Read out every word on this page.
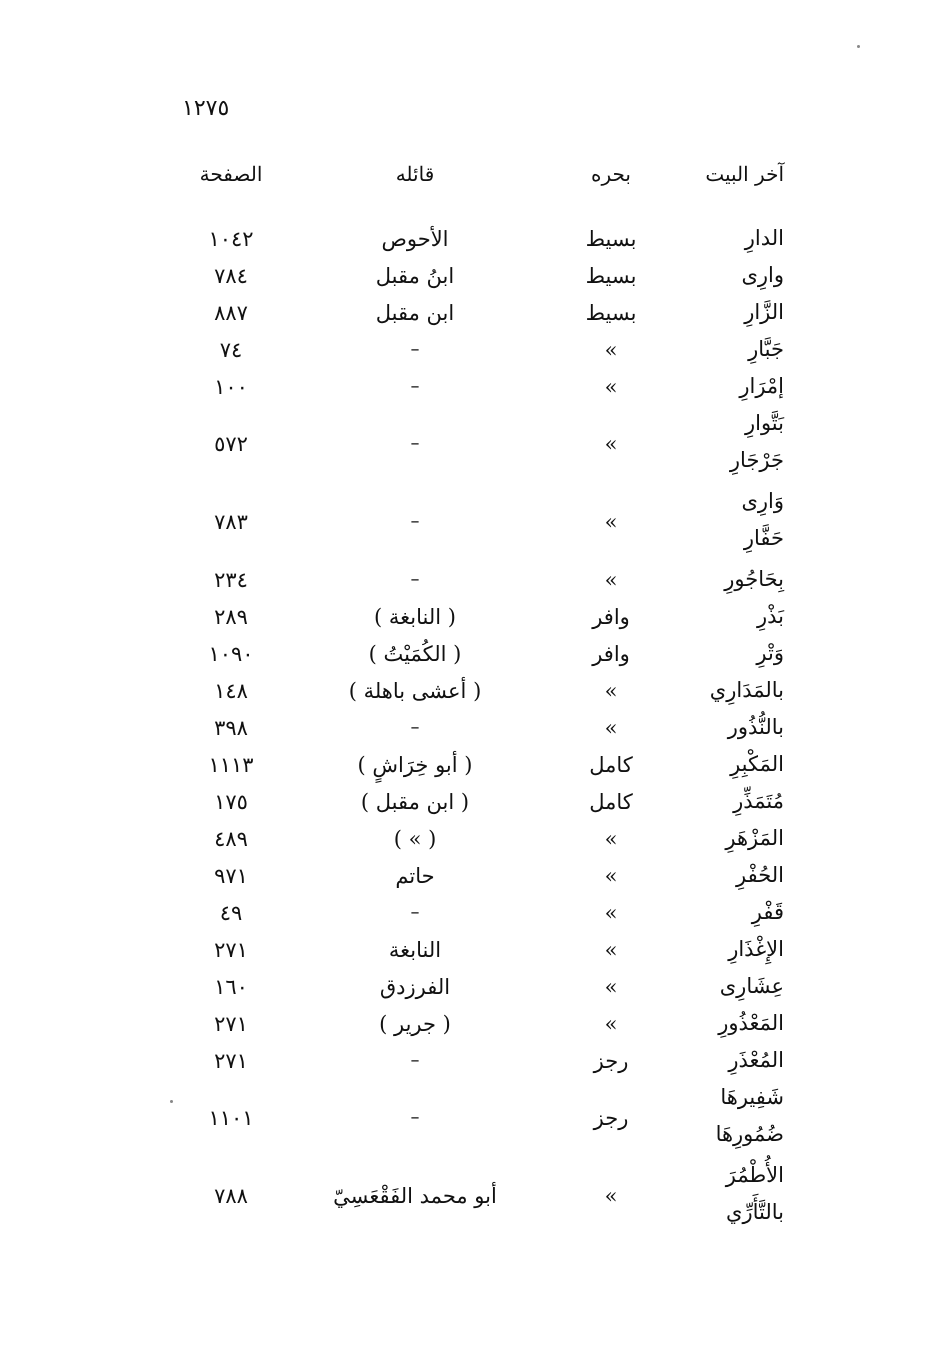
١٢٧٥
آخر البيت
بحره
قائله
الصفحة
الدارِ
بسيط
الأحوص
١٠٤٢
وارِى
بسيط
ابنُ مقبل
٧٨٤
الزَّارِ
بسيط
ابن مقبل
٨٨٧
جَبَّارِ
»
–
٧٤
إمْرَارِ
»
–
١٠٠
بَتَّوارِ
جَرْجَارِ
»
–
٥٧٢
وَارِى
حَفَّارِ
»
–
٧٨٣
بِحَاجُورِ
»
–
٢٣٤
بَذْرِ
وافر
( النابغة )
٢٨٩
وَتْرِ
وافر
( الكُمَيْتُ )
١٠٩٠
بالمَدَارِي
»
( أعشى باهلة )
١٤٨
بالنُّذُور
»
–
٣٩٨
المَكْبِرِ
كامل
( أبو خِرَاشٍ )
١١١٣
مُتَمَذِّرِ
كامل
( ابن مقبل )
١٧٥
المَزْهَرِ
»
( » )
٤٨٩
الحُفْرِ
»
حاتم
٩٧١
قَفْرِ
»
–
٤٩
الإِغْذَارِ
»
النابغة
٢٧١
عِشَارِى
»
الفرزدق
١٦٠
المَعْذُورِ
»
( جرير )
٢٧١
المُعْذَرِ
رجز
–
٢٧١
شَفِيرهَا
ضُمُورِهَا
رجز
–
١١٠١
الأُطْمُرَ
بالتَّأَرِّي
»
أبو محمد الفَقْعَسِيّ
٧٨٨
